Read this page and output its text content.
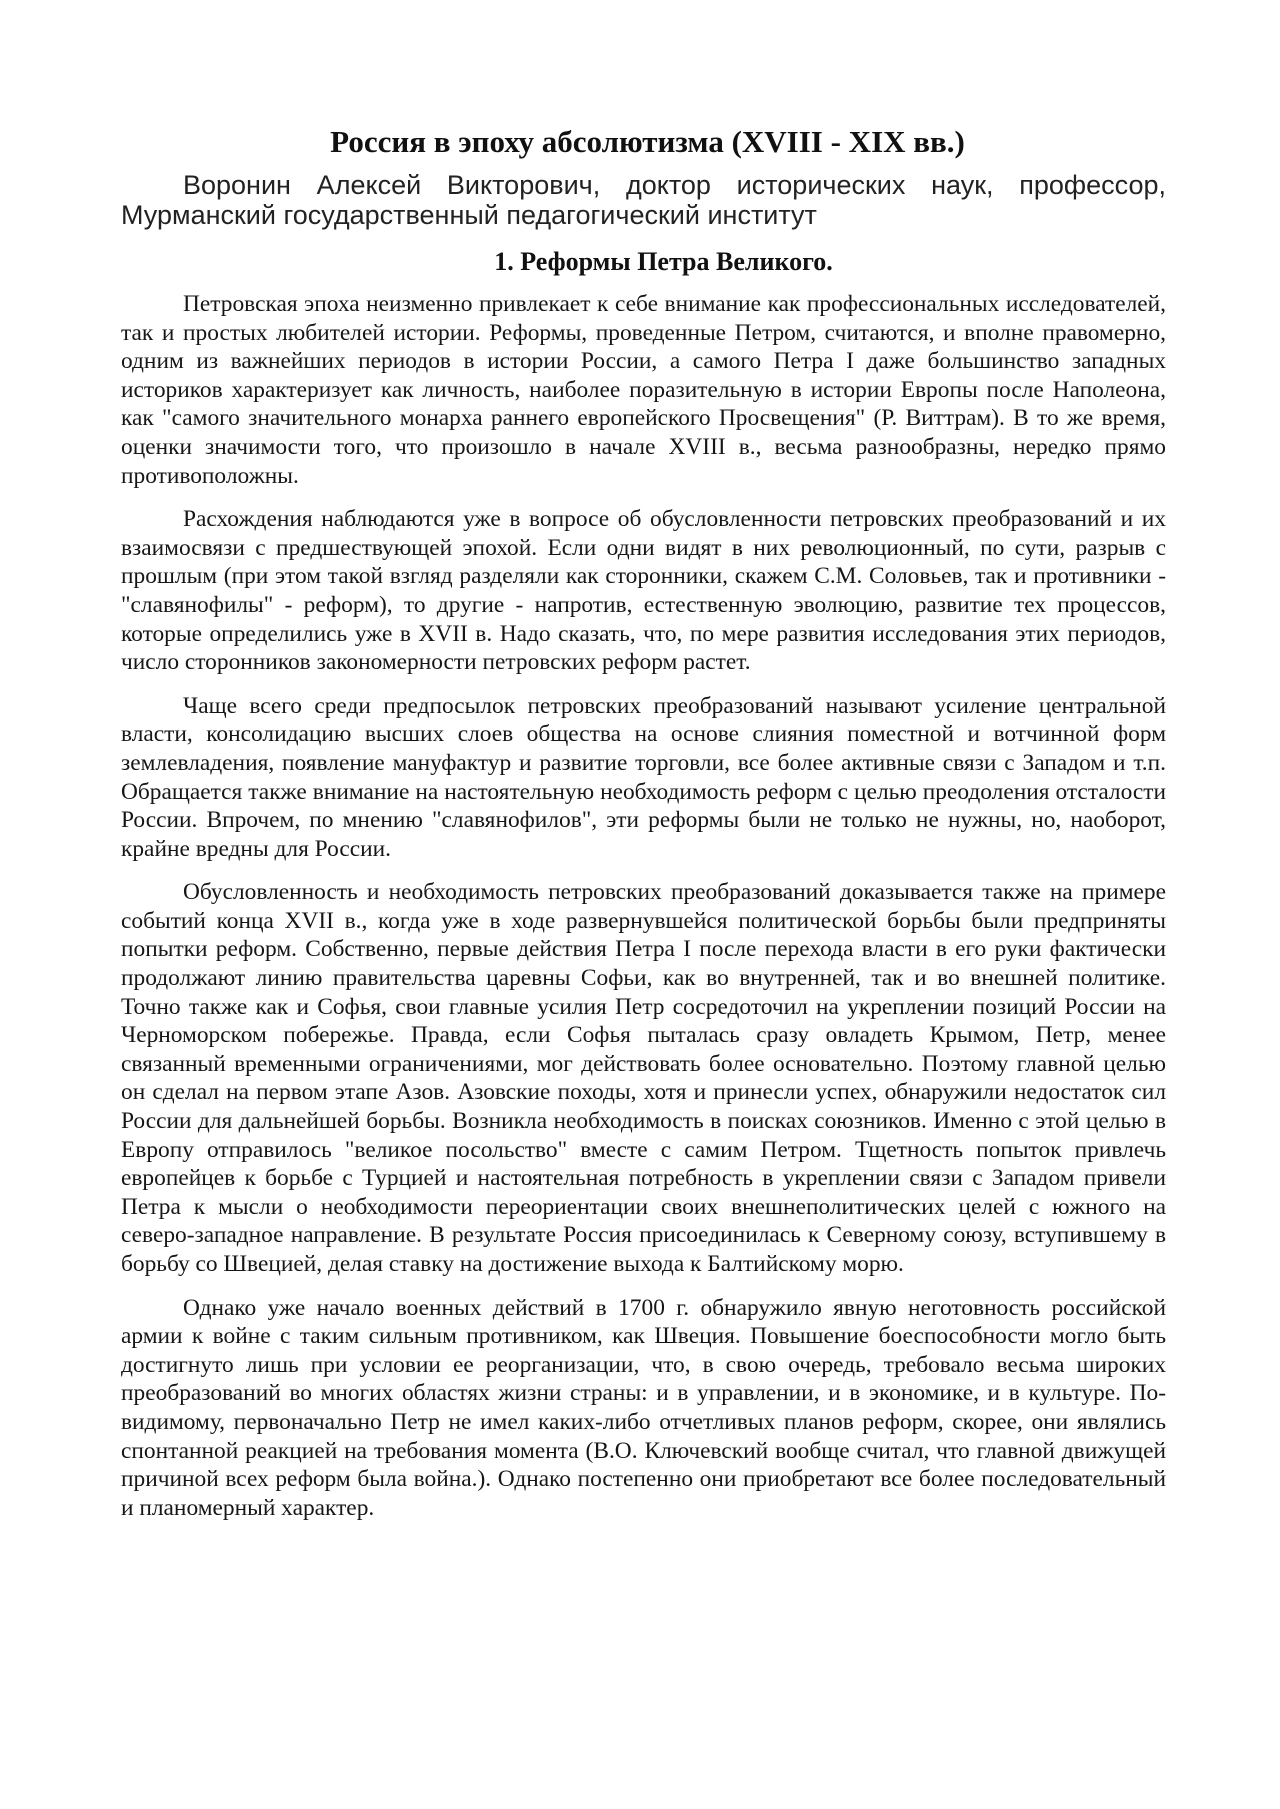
Россия в эпоху абсолютизма (XVIII - XIX вв.)

Воронин Алексей Викторович, доктор исторических наук, профессор, Мурманский государственный педагогический институт

1. Реформы Петра Великого.

Петровская эпоха неизменно привлекает к себе внимание как профессиональных исследователей, так и простых любителей истории. Реформы, проведенные Петром, считаются, и вполне правомерно, одним из важнейших периодов в истории России, а самого Петра I даже большинство западных историков характеризует как личность, наиболее поразительную в истории Европы после Наполеона, как "самого значительного монарха раннего европейского Просвещения" (Р. Виттрам). В то же время, оценки значимости того, что произошло в начале XVIII в., весьма разнообразны, нередко прямо противоположны.

Расхождения наблюдаются уже в вопросе об обусловленности петровских преобразований и их взаимосвязи с предшествующей эпохой. Если одни видят в них революционный, по сути, разрыв с прошлым (при этом такой взгляд разделяли как сторонники, скажем С.М. Соловьев, так и противники -"славянофилы" - реформ), то другие - напротив, естественную эволюцию, развитие тех процессов, которые определились уже в XVII в. Надо сказать, что, по мере развития исследования этих периодов, число сторонников закономерности петровских реформ растет.

Чаще всего среди предпосылок петровских преобразований называют усиление центральной власти, консолидацию высших слоев общества на основе слияния поместной и вотчинной форм землевладения, появление мануфактур и развитие торговли, все более активные связи с Западом и т.п. Обращается также внимание на настоятельную необходимость реформ с целью преодоления отсталости России. Впрочем, по мнению "славянофилов", эти реформы были не только не нужны, но, наоборот, крайне вредны для России.

Обусловленность и необходимость петровских преобразований доказывается также на примере событий конца XVII в., когда уже в ходе развернувшейся политической борьбы были предприняты попытки реформ. Собственно, первые действия Петра I после перехода власти в его руки фактически продолжают линию правительства царевны Софьи, как во внутренней, так и во внешней политике. Точно также как и Софья, свои главные усилия Петр сосредоточил на укреплении позиций России на Черноморском побережье. Правда, если Софья пыталась сразу овладеть Крымом, Петр, менее связанный временными ограничениями, мог действовать более основательно. Поэтому главной целью он сделал на первом этапе Азов. Азовские походы, хотя и принесли успех, обнаружили недостаток сил России для дальнейшей борьбы. Возникла необходимость в поисках союзников. Именно с этой целью в Европу отправилось "великое посольство" вместе с самим Петром. Тщетность попыток привлечь европейцев к борьбе с Турцией и настоятельная потребность в укреплении связи с Западом привели Петра к мысли о необходимости переориентации своих внешнеполитических целей с южного на северо-западное направление. В результате Россия присоединилась к Северному союзу, вступившему в борьбу со Швецией, делая ставку на достижение выхода к Балтийскому морю.

Однако уже начало военных действий в 1700 г. обнаружило явную неготовность российской армии к войне с таким сильным противником, как Швеция. Повышение боеспособности могло быть достигнуто лишь при условии ее реорганизации, что, в свою очередь, требовало весьма широких преобразований во многих областях жизни страны: и в управлении, и в экономике, и в культуре. По-видимому, первоначально Петр не имел каких-либо отчетливых планов реформ, скорее, они являлись спонтанной реакцией на требования момента (В.О. Ключевский вообще считал, что главной движущей причиной всех реформ была война.). Однако постепенно они приобретают все более последовательный и планомерный характер.
